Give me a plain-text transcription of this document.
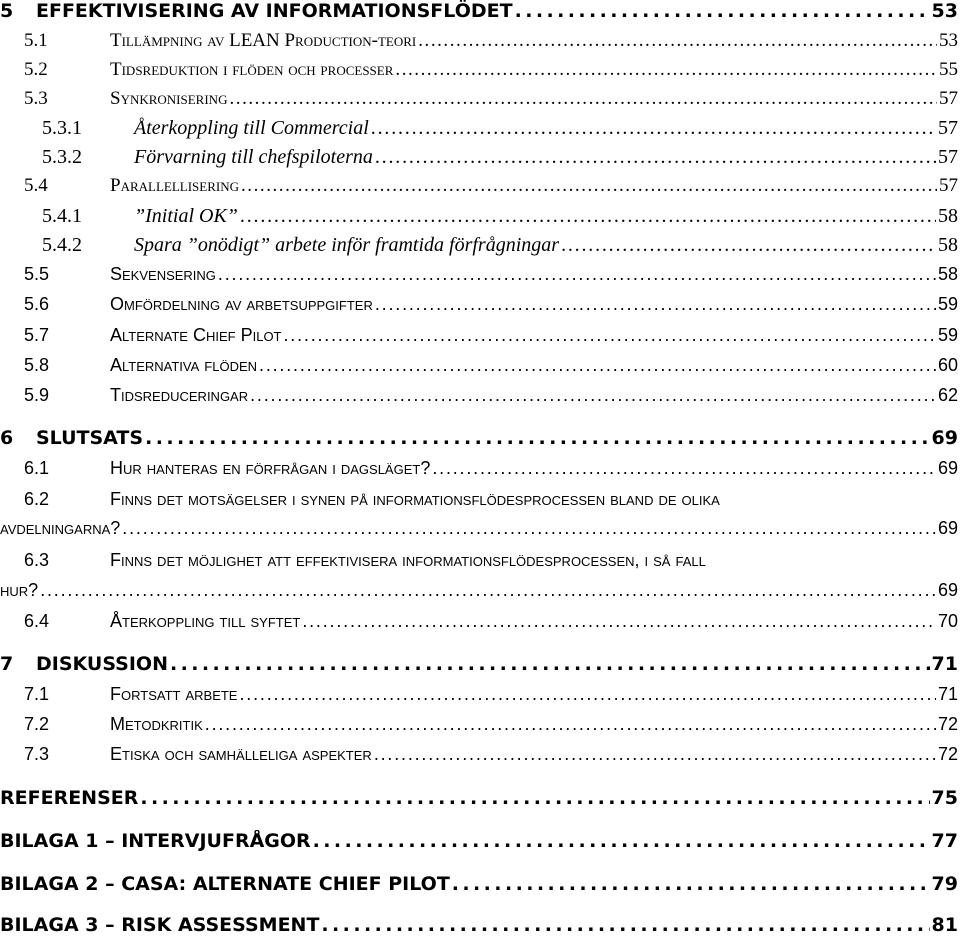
5	EFFEKTIVISERING AV INFORMATIONSFLÖDET . . .	53
5.1	Tillämpning av LEAN Production-teori . . .	53
5.2	Tidsreduktion i flöden och processer . . .	55
5.3	Synkronisering . . .	57
5.3.1	Återkoppling till Commercial . . .	57
5.3.2	Förvarning till chefspiloterna . . .	57
5.4	Parallellisering . . .	57
5.4.1	”Initial OK” . . .	58
5.4.2	Spara ”onödigt” arbete inför framtida förfrågningar . . .	58
5.5	Sekvensering . . .	58
5.6	Omfördelning av arbetsuppgifter . . .	59
5.7	Alternate Chief Pilot . . .	59
5.8	Alternativa flöden . . .	60
5.9	Tidsreduceringar . . .	62
6	SLUTSATS . . .	69
6.1	Hur hanteras en förfrågan i dagsläget? . . .	69
6.2	Finns det motsägelser i synen på informationsflödesprocessen bland de olika
avdelningarna? . . .	69
6.3	Finns det möjlighet att effektivisera informationsflödesprocessen, i så fall
hur? . . .	69
6.4	Återkoppling till syftet . . .	70
7	DISKUSSION . . .	71
7.1	Fortsatt arbete . . .	71
7.2	Metodkritik . . .	72
7.3	Etiska och samhälleliga aspekter . . .	72
REFERENSER . . .	75
BILAGA 1 – INTERVJUFRÅGOR . . .	77
BILAGA 2 – CASA: ALTERNATE CHIEF PILOT . . .	79
BILAGA 3 – RISK ASSESSMENT . . .	81
